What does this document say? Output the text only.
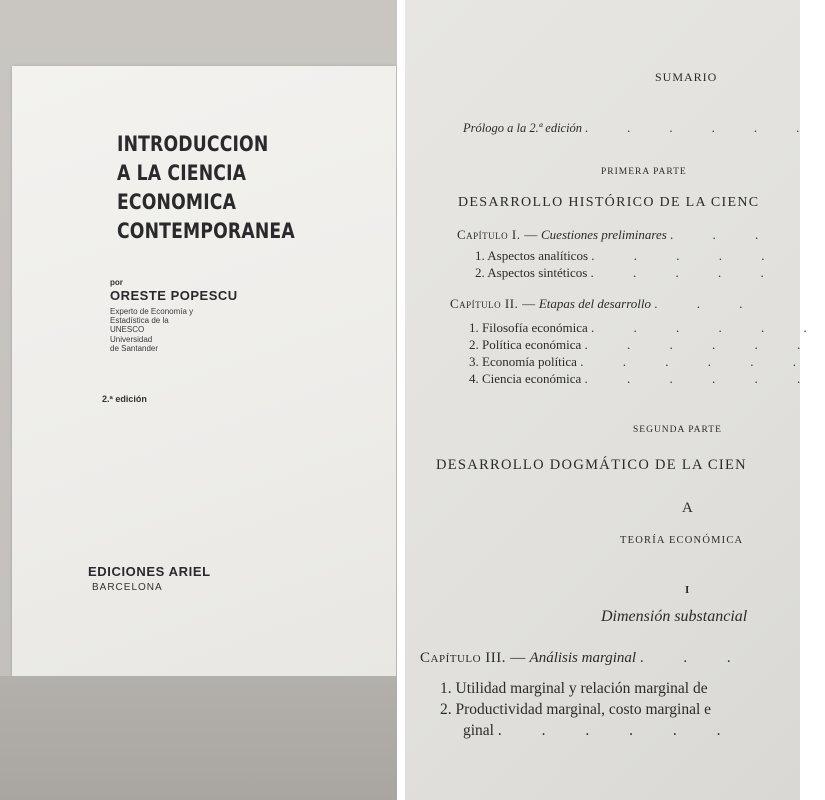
INTRODUCCION
A LA CIENCIA
ECONOMICA
CONTEMPORANEA
por
ORESTE POPESCU
Experto de Economía y
Estadística de la
UNESCO
Universidad
de Santander
2.ª edición
EDICIONES ARIEL
BARCELONA
SUMARIO
Prólogo a la 2.ª edición . . . . . .
PRIMERA PARTE
DESARROLLO HISTÓRICO DE LA CIENC
Capítulo I. — Cuestiones preliminares . . .
1. Aspectos analíticos . . . . .
2. Aspectos sintéticos . . . . .
Capítulo II. — Etapas del desarrollo . . .
1. Filosofía económica . . . . . .
2. Política económica . . . . . .
3. Economía política . . . . . .
4. Ciencia económica . . . . . .
SEGUNDA PARTE
DESARROLLO DOGMÁTICO DE LA CIEN
A
TEORÍA ECONÓMICA
I
Dimensión substancial
Capítulo III. — Análisis marginal . . .
1. Utilidad marginal y relación marginal de
2. Productividad marginal, costo marginal e
ginal . . . . . .
